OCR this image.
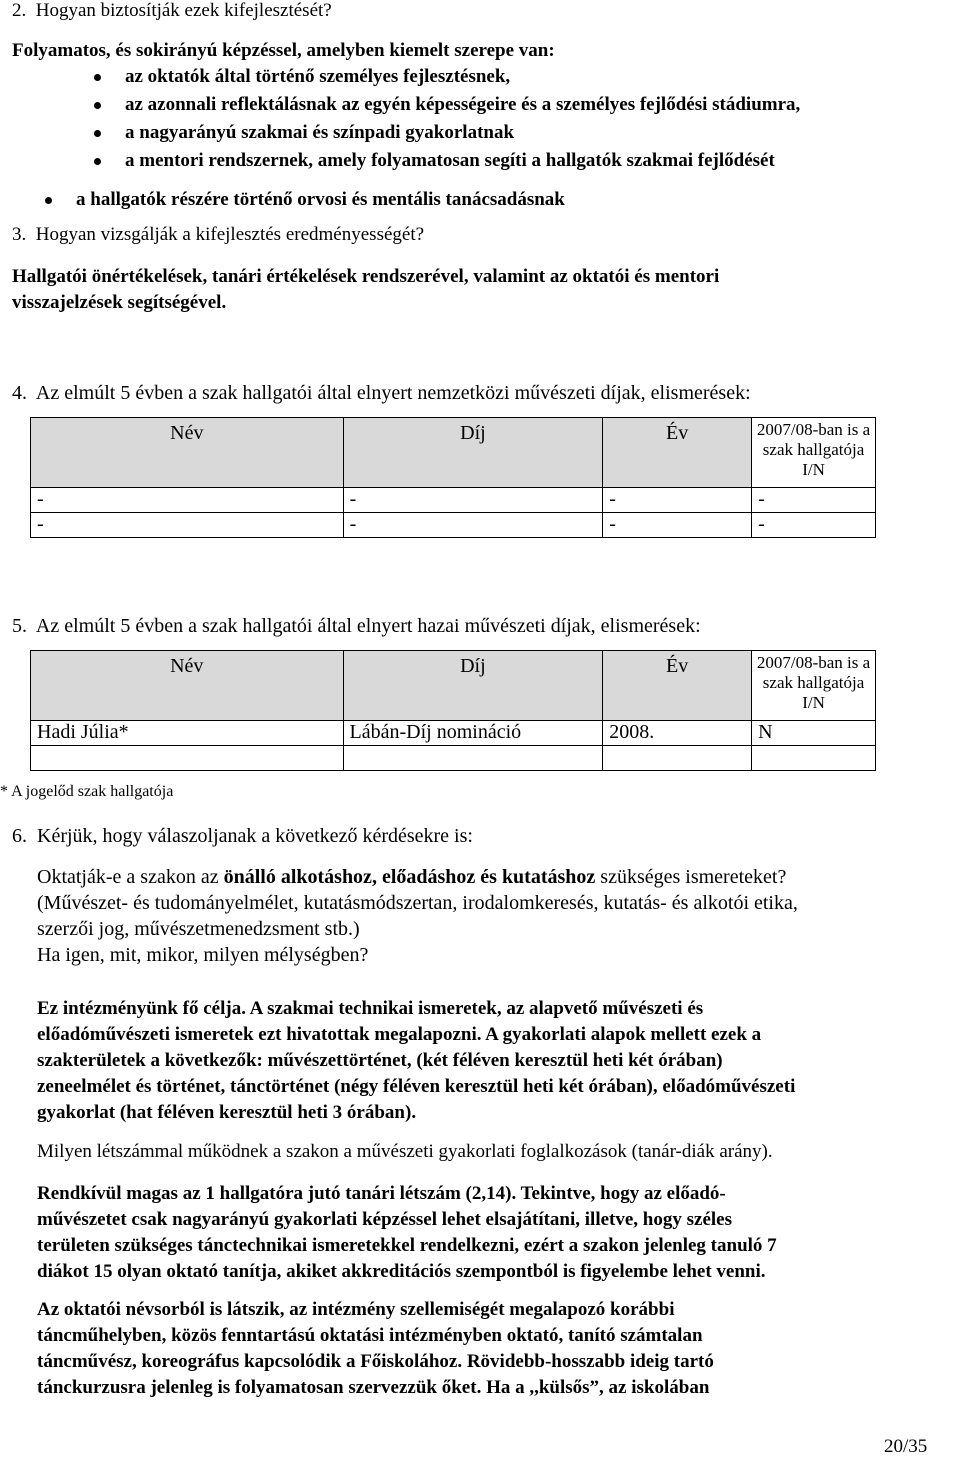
2.  Hogyan biztosítják ezek kifejlesztését?
Folyamatos, és sokirányú képzéssel, amelyben kiemelt szerepe van:
az oktatók által történő személyes fejlesztésnek,
az azonnali reflektálásnak az egyén képességeire és a személyes fejlődési stádiumra,
a nagyarányú szakmai és színpadi gyakorlatnak
a mentori rendszernek, amely folyamatosan segíti a hallgatók szakmai fejlődését
a hallgatók részére történő orvosi és mentális tanácsadásnak
3.  Hogyan vizsgálják a kifejlesztés eredményességét?
Hallgatói önértékelések, tanári értékelések rendszerével, valamint az oktatói és mentori
visszajelzések segítségével.
4.  Az elmúlt 5 évben a szak hallgatói által elnyert nemzetközi művészeti díjak, elismerések:
Név	Díj	Év	2007/08-ban is a
szak hallgatója
I/N

-	-	-	-
-	-	-	-
5.  Az elmúlt 5 évben a szak hallgatói által elnyert hazai művészeti díjak, elismerések:
Név	Díj	Év	2007/08-ban is a
szak hallgatója
I/N

Hadi Júlia*	Lábán-Díj nomináció	2008.	N

* A jogelőd szak hallgatója
6.  Kérjük, hogy válaszoljanak a következő kérdésekre is:
Oktatják-e a szakon az önálló alkotáshoz, előadáshoz és kutatáshoz szükséges ismereteket?
(Művészet- és tudományelmélet, kutatásmódszertan, irodalomkeresés, kutatás- és alkotói etika,
szerzői jog, művészetmenedzsment stb.)
Ha igen, mit, mikor, milyen mélységben?
Ez intézményünk fő célja. A szakmai technikai ismeretek, az alapvető művészeti és
előadóművészeti ismeretek ezt hivatottak megalapozni. A gyakorlati alapok mellett ezek a
szakterületek a következők: művészettörténet, (két féléven keresztül heti két órában)
zeneelmélet és történet, tánctörténet (négy féléven keresztül heti két órában), előadóművészeti
gyakorlat (hat féléven keresztül heti 3 órában).
Milyen létszámmal működnek a szakon a művészeti gyakorlati foglalkozások (tanár-diák arány).
Rendkívül magas az 1 hallgatóra jutó tanári létszám (2,14). Tekintve, hogy az előadó-
művészetet csak nagyarányú gyakorlati képzéssel lehet elsajátítani, illetve, hogy széles
területen szükséges tánctechnikai ismeretekkel rendelkezni, ezért a szakon jelenleg tanuló 7
diákot 15 olyan oktató tanítja, akiket akkreditációs szempontból is figyelembe lehet venni.
Az oktatói névsorból is látszik, az intézmény szellemiségét megalapozó korábbi
táncműhelyben, közös fenntartású oktatási intézményben oktató, tanító számtalan
táncművész, koreográfus kapcsolódik a Főiskolához. Rövidebb-hosszabb ideig tartó
tánckurzusra jelenleg is folyamatosan szervezzük őket. Ha a ,,külsős”, az iskolában
20/35
